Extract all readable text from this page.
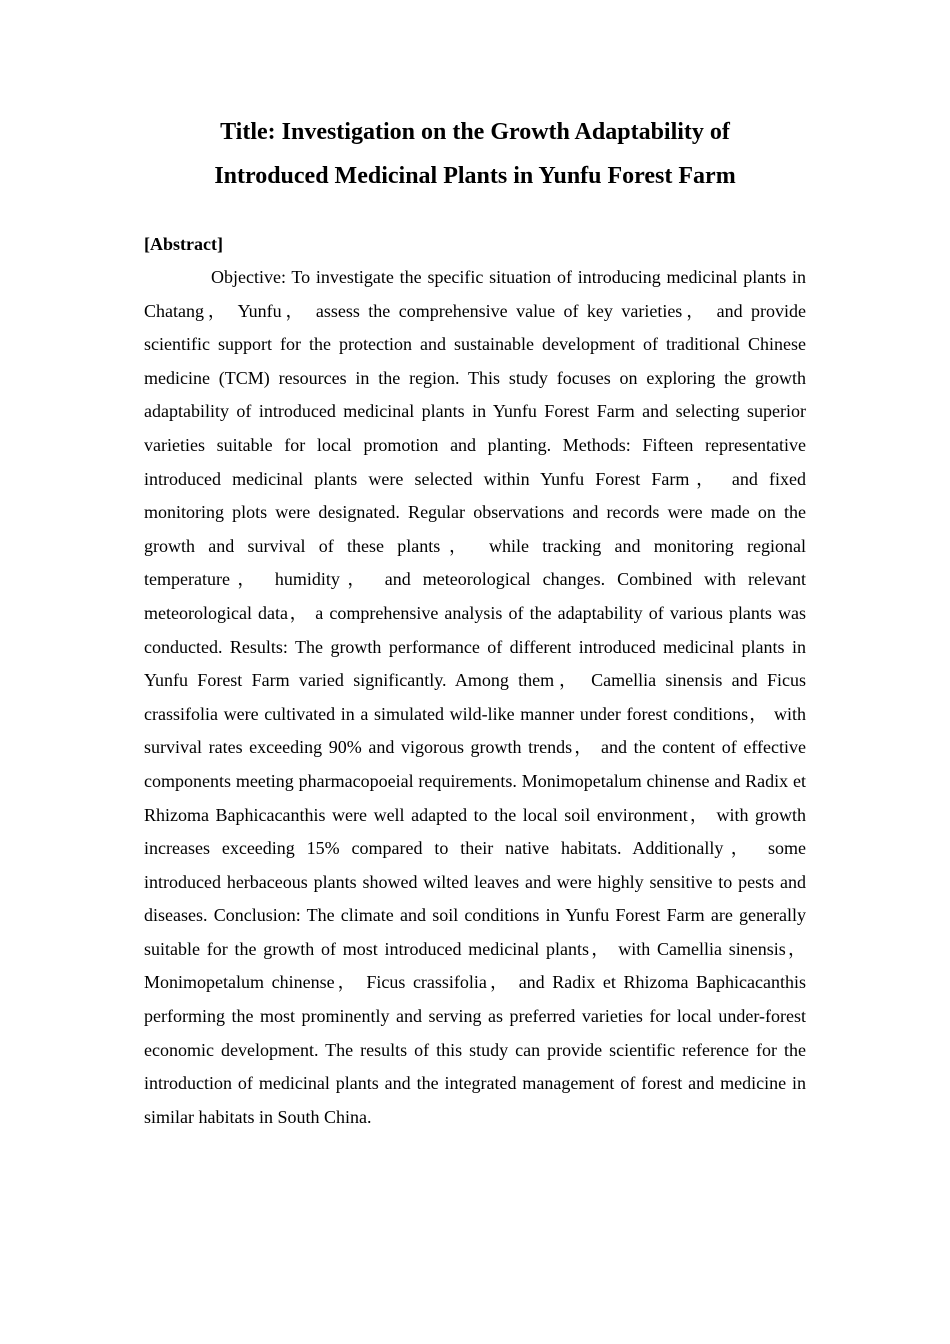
Title: Investigation on the Growth Adaptability of
Introduced Medicinal Plants in Yunfu Forest Farm

[Abstract]

Objective: To investigate the specific situation of introducing medicinal plants in Chatang， Yunfu， assess the comprehensive value of key varieties， and provide scientific support for the protection and sustainable development of traditional Chinese medicine (TCM) resources in the region. This study focuses on exploring the growth adaptability of introduced medicinal plants in Yunfu Forest Farm and selecting superior varieties suitable for local promotion and planting. Methods: Fifteen representative introduced medicinal plants were selected within Yunfu Forest Farm， and fixed monitoring plots were designated. Regular observations and records were made on the growth and survival of these plants， while tracking and monitoring regional temperature， humidity， and meteorological changes. Combined with relevant meteorological data， a comprehensive analysis of the adaptability of various plants was conducted. Results: The growth performance of different introduced medicinal plants in Yunfu Forest Farm varied significantly. Among them， Camellia sinensis and Ficus crassifolia were cultivated in a simulated wild-like manner under forest conditions， with survival rates exceeding 90% and vigorous growth trends， and the content of effective components meeting pharmacopoeial requirements. Monimopetalum chinense and Radix et Rhizoma Baphicacanthis were well adapted to the local soil environment， with growth increases exceeding 15% compared to their native habitats. Additionally， some introduced herbaceous plants showed wilted leaves and were highly sensitive to pests and diseases. Conclusion: The climate and soil conditions in Yunfu Forest Farm are generally suitable for the growth of most introduced medicinal plants， with Camellia sinensis， Monimopetalum chinense， Ficus crassifolia， and Radix et Rhizoma Baphicacanthis performing the most prominently and serving as preferred varieties for local under-forest economic development. The results of this study can provide scientific reference for the introduction of medicinal plants and the integrated management of forest and medicine in similar habitats in South China.
